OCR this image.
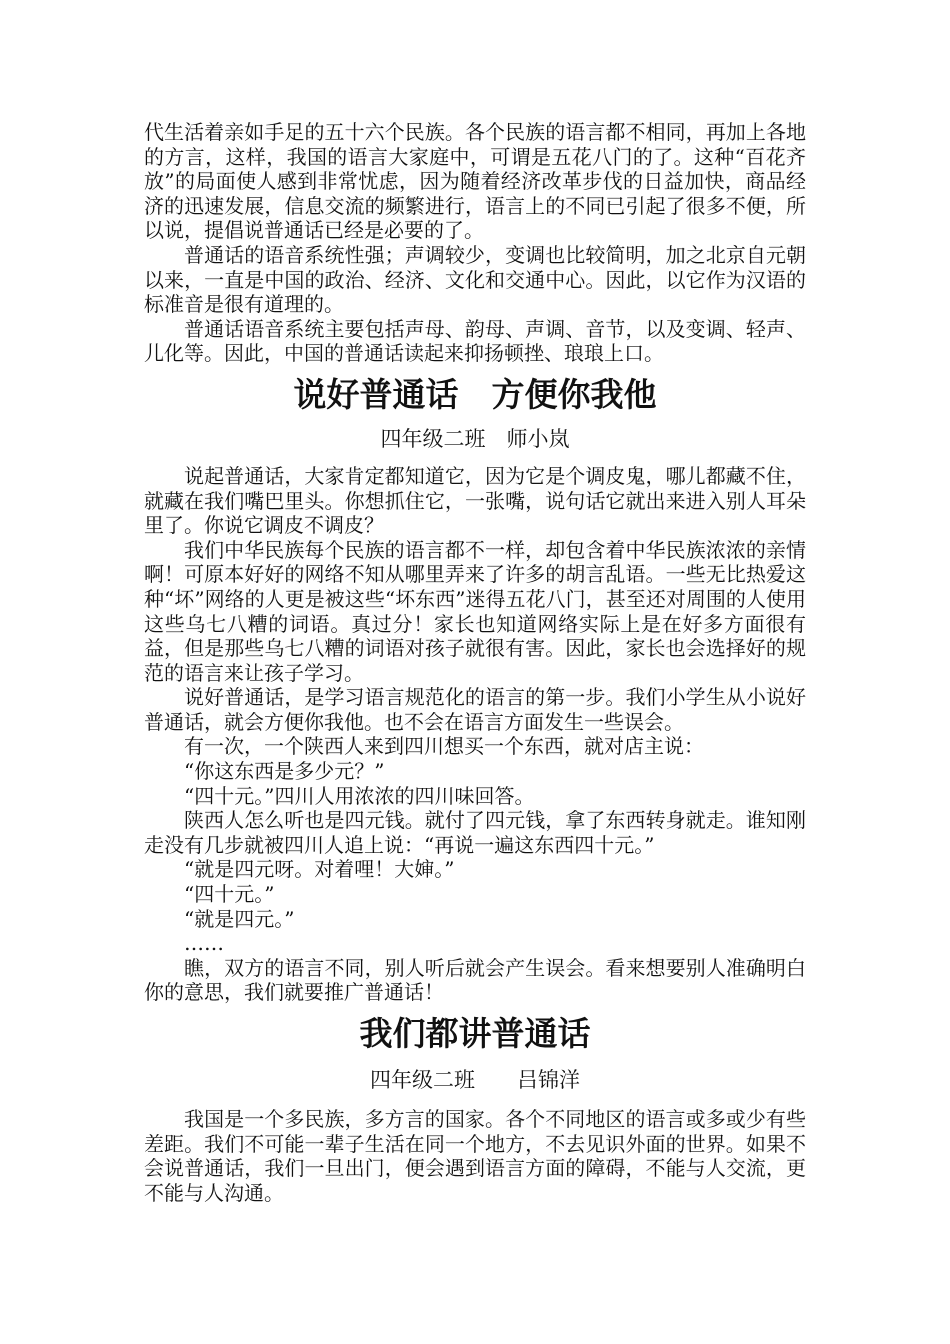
代生活着亲如手足的五十六个民族。各个民族的语言都不相同，再加上各地的方言，这样，我国的语言大家庭中，可谓是五花八门的了。这种“百花齐放”的局面使人感到非常忧虑，因为随着经济改革步伐的日益加快，商品经济的迅速发展，信息交流的频繁进行，语言上的不同已引起了很多不便，所以说，提倡说普通话已经是必要的了。

普通话的语音系统性强；声调较少，变调也比较简明，加之北京自元朝以来，一直是中国的政治、经济、文化和交通中心。因此，以它作为汉语的标准音是很有道理的。

普通话语音系统主要包括声母、韵母、声调、音节，以及变调、轻声、儿化等。因此，中国的普通话读起来抑扬顿挫、琅琅上口。

说好普通话　方便你我他
四年级二班　师小岚

说起普通话，大家肯定都知道它，因为它是个调皮鬼，哪儿都藏不住，就藏在我们嘴巴里头。你想抓住它，一张嘴，说句话它就出来进入别人耳朵里了。你说它调皮不调皮？

我们中华民族每个民族的语言都不一样，却包含着中华民族浓浓的亲情啊！可原本好好的网络不知从哪里弄来了许多的胡言乱语。一些无比热爱这种“坏”网络的人更是被这些“坏东西”迷得五花八门，甚至还对周围的人使用这些乌七八糟的词语。真过分！家长也知道网络实际上是在好多方面很有益，但是那些乌七八糟的词语对孩子就很有害。因此，家长也会选择好的规范的语言来让孩子学习。

说好普通话，是学习语言规范化的语言的第一步。我们小学生从小说好普通话，就会方便你我他。也不会在语言方面发生一些误会。

有一次，一个陕西人来到四川想买一个东西，就对店主说：

“你这东西是多少元？”

“四十元。”四川人用浓浓的四川味回答。

陕西人怎么听也是四元钱。就付了四元钱，拿了东西转身就走。谁知刚走没有几步就被四川人追上说：“再说一遍这东西四十元。”

“就是四元呀。对着哩！大婶。”

“四十元。”

“就是四元。”

……

瞧，双方的语言不同，别人听后就会产生误会。看来想要别人准确明白你的意思，我们就要推广普通话！

我们都讲普通话
四年级二班　　吕锦洋

我国是一个多民族，多方言的国家。各个不同地区的语言或多或少有些差距。我们不可能一辈子生活在同一个地方，不去见识外面的世界。如果不会说普通话，我们一旦出门，便会遇到语言方面的障碍，不能与人交流，更不能与人沟通。
